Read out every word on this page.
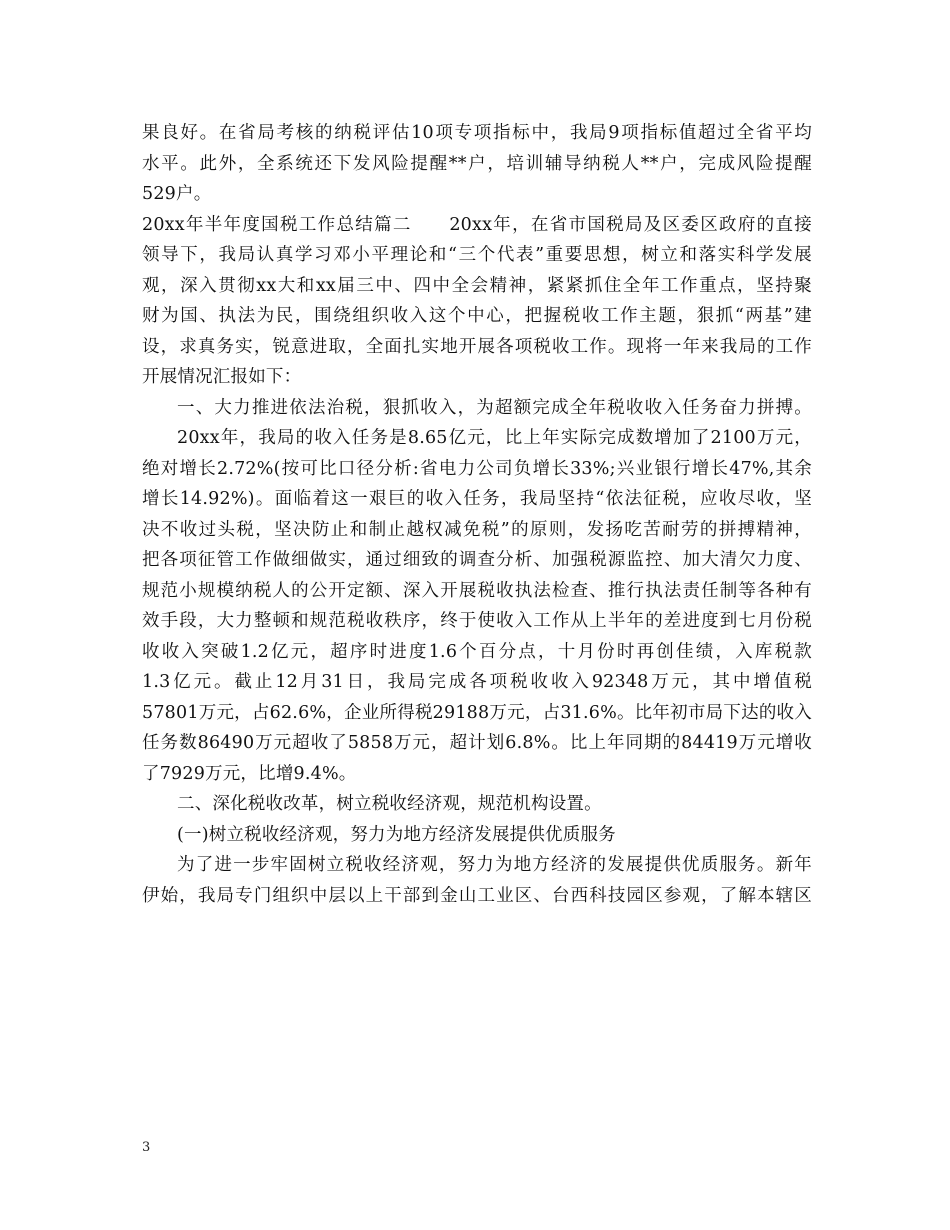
果良好。在省局考核的纳税评估10项专项指标中，我局9项指标值超过全省平均
水平。此外，全系统还下发风险提醒**户，培训辅导纳税人**户，完成风险提醒
529户。
20xx年半年度国税工作总结篇二　　20xx年，在省市国税局及区委区政府的直接
领导下，我局认真学习邓小平理论和“三个代表”重要思想，树立和落实科学发展
观，深入贯彻xx大和xx届三中、四中全会精神，紧紧抓住全年工作重点，坚持聚
财为国、执法为民，围绕组织收入这个中心，把握税收工作主题，狠抓“两基”建
设，求真务实，锐意进取，全面扎实地开展各项税收工作。现将一年来我局的工作
开展情况汇报如下：
一、大力推进依法治税，狠抓收入，为超额完成全年税收收入任务奋力拼搏。
20xx年，我局的收入任务是8.65亿元，比上年实际完成数增加了2100万元，
绝对增长2.72%(按可比口径分析:省电力公司负增长33%;兴业银行增长47%,其余
增长14.92%)。面临着这一艰巨的收入任务，我局坚持“依法征税，应收尽收，坚
决不收过头税，坚决防止和制止越权减免税”的原则，发扬吃苦耐劳的拼搏精神，
把各项征管工作做细做实，通过细致的调查分析、加强税源监控、加大清欠力度、
规范小规模纳税人的公开定额、深入开展税收执法检查、推行执法责任制等各种有
效手段，大力整顿和规范税收秩序，终于使收入工作从上半年的差进度到七月份税
收收入突破1.2亿元，超序时进度1.6个百分点，十月份时再创佳绩，入库税款
1.3亿元。截止12月31日，我局完成各项税收收入92348万元，其中增值税
57801万元，占62.6%，企业所得税29188万元，占31.6%。比年初市局下达的收入
任务数86490万元超收了5858万元，超计划6.8%。比上年同期的84419万元增收
了7929万元，比增9.4%。
二、深化税收改革，树立税收经济观，规范机构设置。
(一)树立税收经济观，努力为地方经济发展提供优质服务
为了进一步牢固树立税收经济观，努力为地方经济的发展提供优质服务。新年
伊始，我局专门组织中层以上干部到金山工业区、台西科技园区参观，了解本辖区
3
